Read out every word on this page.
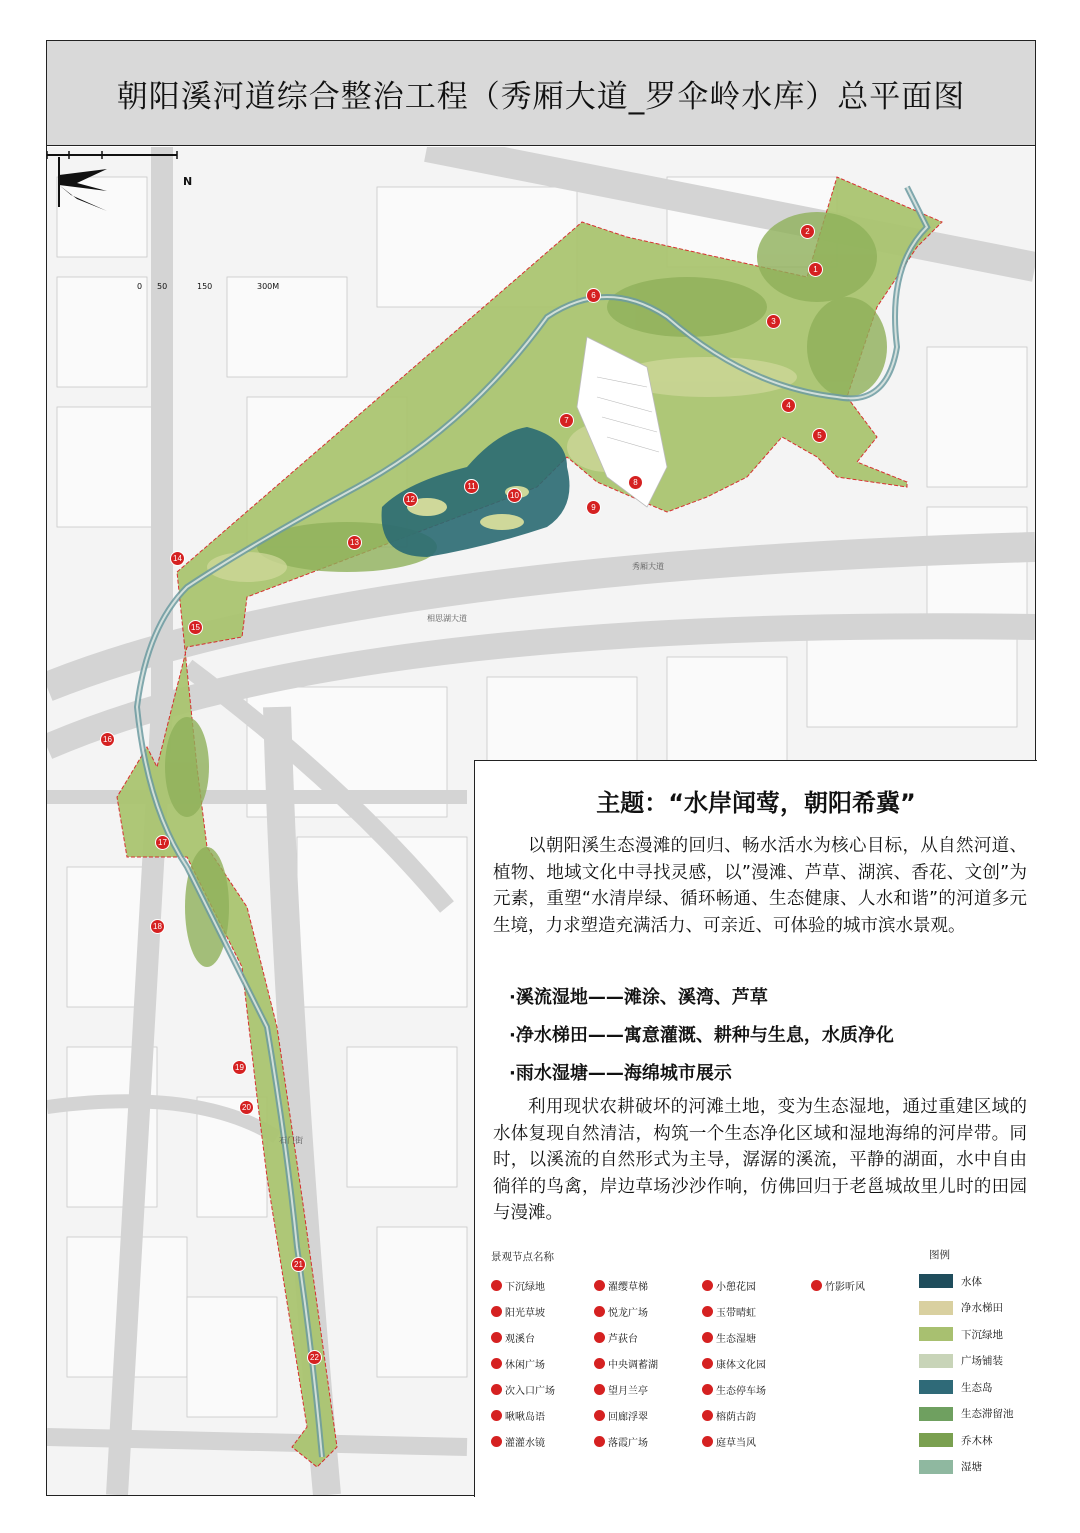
朝阳溪河道综合整治工程（秀厢大道_罗伞岭水库）总平面图
N
0 50	150	300M
秀厢大道
相思湖大道
石门街
1
2
3
4
5
6
7
8
9
10
11
12
13
14
15
16
17
18
19
20
21
22
主题：“水岸闻莺，朝阳希冀”
以朝阳溪生态漫滩的回归、畅水活水为核心目标，从自然河道、植物、地域文化中寻找灵感，以”漫滩、芦草、湖滨、香花、文创”为元素，重塑“水清岸绿、循环畅通、生态健康、人水和谐”的河道多元生境，力求塑造充满活力、可亲近、可体验的城市滨水景观。
·溪流湿地——滩涂、溪湾、芦草
·净水梯田——寓意灌溉、耕种与生息，水质净化
·雨水湿塘——海绵城市展示
利用现状农耕破坏的河滩土地，变为生态湿地，通过重建区域的水体复现自然清洁，构筑一个生态净化区域和湿地海绵的河岸带。同时，以溪流的自然形式为主导，潺潺的溪流，平静的湖面，水中自由徜徉的鸟禽，岸边草场沙沙作响，仿佛回归于老邕城故里儿时的田园与漫滩。
景观节点名称
下沉绿地
阳光草坡
观溪台
休闲广场
次入口广场
啾啾岛语
灌灌水镜
濯缨草梯
悦龙广场
芦荻台
中央调蓄湖
望月兰亭
回廊浮翠
落霞广场
小憩花园
玉带晴虹
生态湿塘
康体文化园
生态停车场
榕荫古韵
庭草当风
竹影听风
图例
水体
净水梯田
下沉绿地
广场铺装
生态岛
生态滞留池
乔木林
湿塘
